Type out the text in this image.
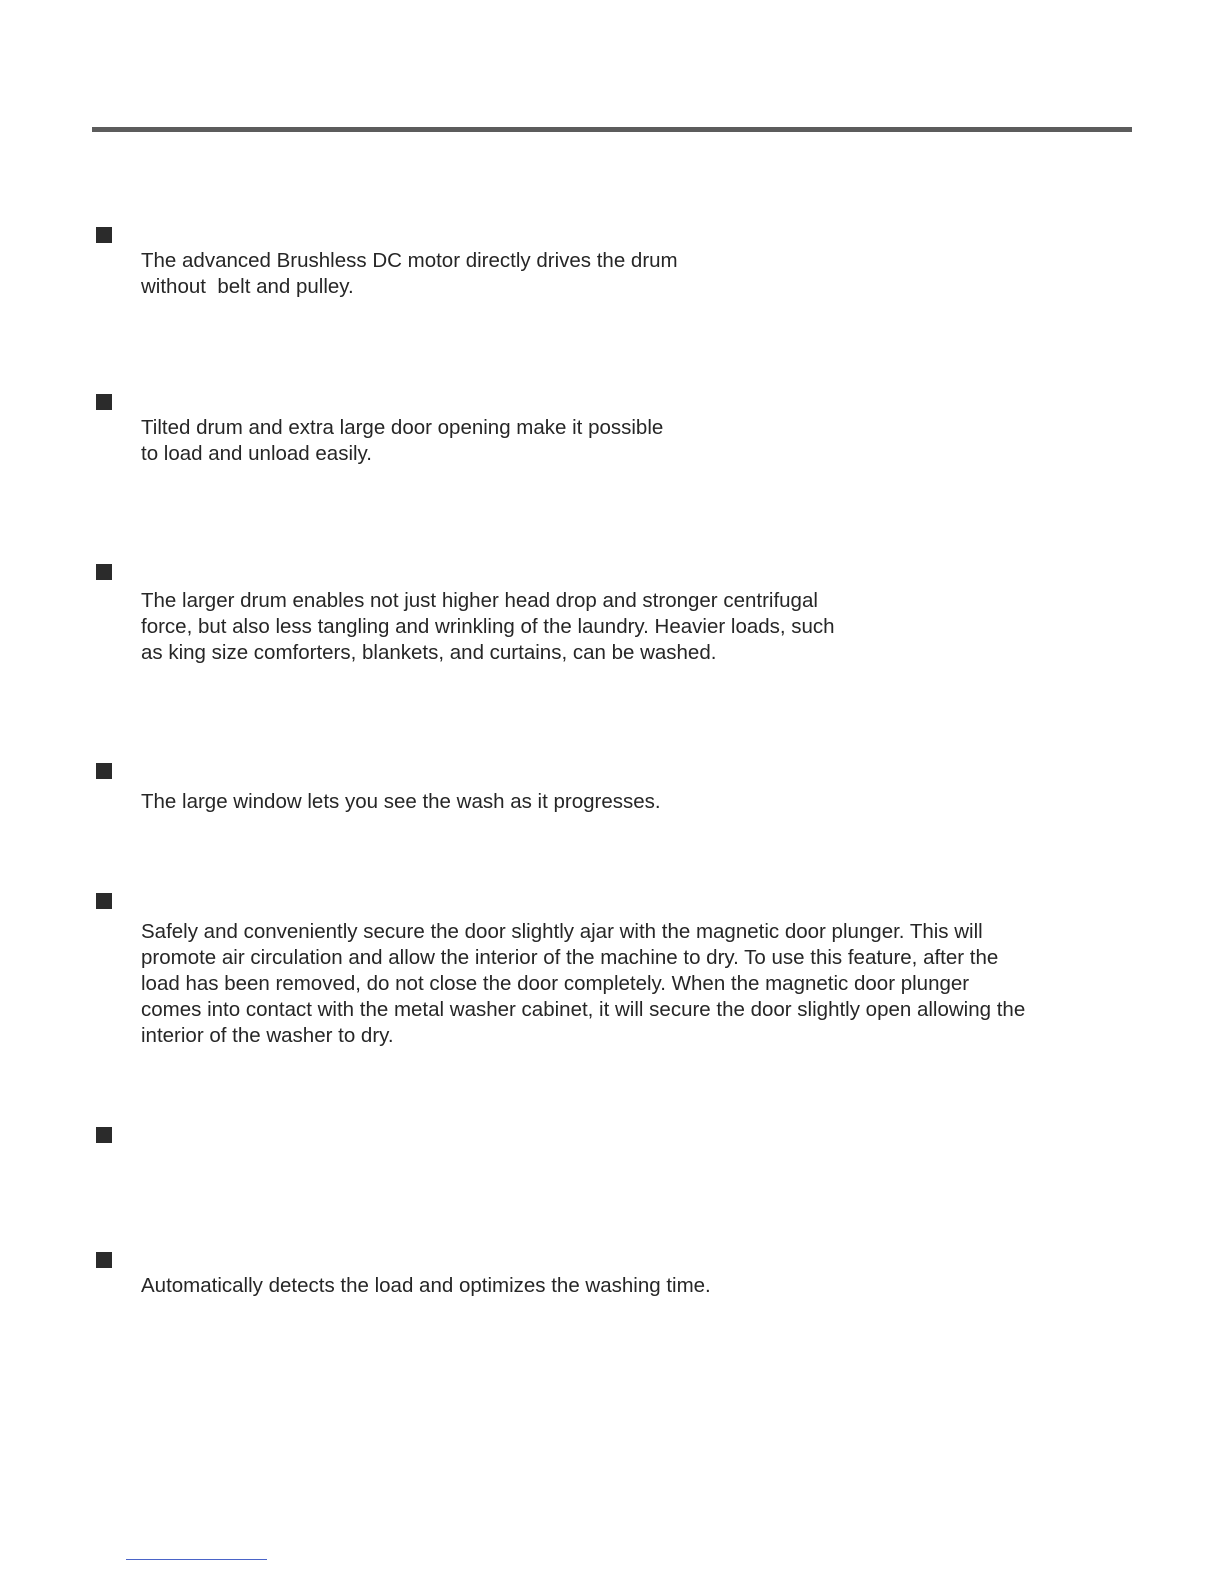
The advanced Brushless DC motor directly drives the drum
without  belt and pulley.

Tilted drum and extra large door opening make it possible
to load and unload easily.

The larger drum enables not just higher head drop and stronger centrifugal
force, but also less tangling and wrinkling of the laundry. Heavier loads, such
as king size comforters, blankets, and curtains, can be washed.

The large window lets you see the wash as it progresses.

Safely and conveniently secure the door slightly ajar with the magnetic door plunger. This will
promote air circulation and allow the interior of the machine to dry. To use this feature, after the
load has been removed, do not close the door completely. When the magnetic door plunger
comes into contact with the metal washer cabinet, it will secure the door slightly open allowing the
interior of the washer to dry.

Automatically detects the load and optimizes the washing time.
